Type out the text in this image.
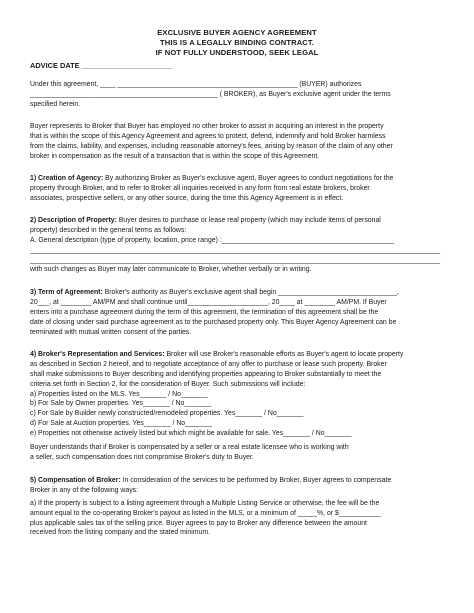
EXCLUSIVE BUYER AGENCY AGREEMENT
THIS IS A LEGALLY BINDING CONTRACT.
IF NOT FULLY UNDERSTOOD, SEEK LEGAL
ADVICE DATE ______________________
Under this agreement, ____ _______________________________________________ (BUYER) authorizes
_________________________________________________ ( BROKER), as Buyer's exclusive agent under the terms
specified herein.
Buyer represents to Broker that Buyer has employed no other broker to assist in acquiring an interest in the property
that is within the scope of this Agency Agreement and agrees to protect, defend, indemnify and hold Broker harmless
from the claims, liability, and expenses, including reasonable attorney's fees, arising by reason of the claim of any other
broker in compensation as the result of a transaction that is within the scope of this Agreement.
1) Creation of Agency: By authorizing Broker as Buyer's exclusive agent, Buyer agrees to conduct negotiations for the
property through Broker, and to refer to Broker all inquiries received in any form from real estate brokers, broker
associates, prospective sellers, or any other source, during the time this Agency Agreement is in effect.
2) Description of Property: Buyer desires to purchase or lease real property (which may include items of personal
property) described in the general terms as follows:
A. General description (type of property, location, price range) :_____________________________________________
___________________________________________________________________________________________________________
___________________________________________________________________________________________________________
with such changes as Buyer may later communicate to Broker, whether verbally or in writing.
3) Term of Agreement: Broker's authority as Buyer's exclusive agent shall begin _______________________________,
20___, at ________ AM/PM and shall continue until_____________________, 20____ at ________ AM/PM. If Buyer
enters into a purchase agreement during the term of this agreement, the termination of this agreement shall be the
date of closing under said purchase agreement as to the purchased property only. This Buyer Agency Agreement can be
terminated with mutual written consent of the parties.
4) Broker's Representation and Services: Broker will use Broker's reasonable efforts as Buyer's agent to locate property
as described in Section 2 hereof, and to negotiate acceptance of any offer to purchase or lease such property. Broker
shall make submissions to Buyer describing and identifying properties appearing to Broker substantially to meet the
criteria set forth in Section 2, for the consideration of Buyer. Such submissions will include:
a) Properties listed on the MLS. Yes_______ / No_______
b) For Sale by Owner properties. Yes_______ / No_______
c) For Sale by Builder newly constructed/remodeled properties. Yes_______ / No_______
d) For Sale at Auction properties. Yes_______ / No_______
e) Properties not otherwise actively listed but which might be available for sale. Yes_______ / No_______
Buyer understands that if Broker is compensated by a seller or a real estate licensee who is working with
a seller, such compensation does not compromise Broker's duty to Buyer.
5) Compensation of Broker: In consideration of the services to be performed by Broker, Buyer agrees to compensate
Broker in any of the following ways:
a) If the property is subject to a listing agreement through a Multiple Listing Service or otherwise, the fee will be the
amount equal to the co-operating Broker's payout as listed in the MLS, or a minimum of _____%, or $___________
plus applicable sales tax of the selling price. Buyer agrees to pay to Broker any difference between the amount
received from the listing company and the stated minimum.
